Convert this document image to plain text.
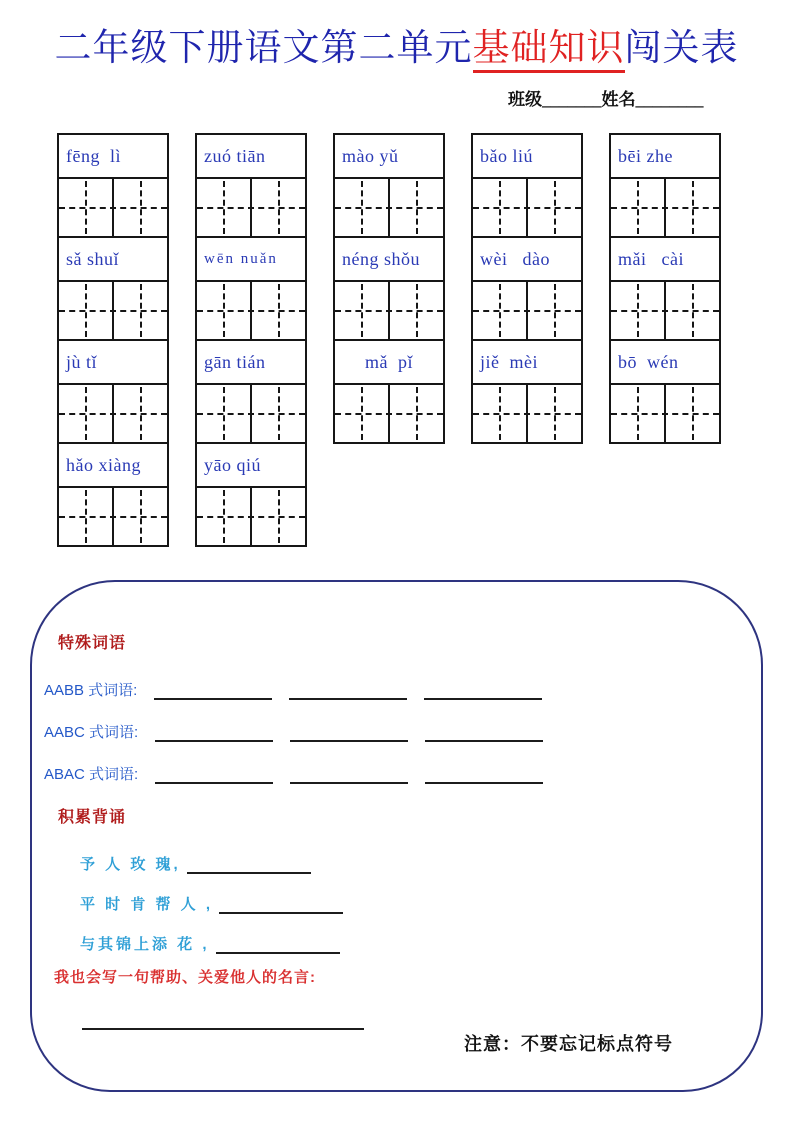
二年级下册语文第二单元基础知识闯关表
班级_______姓名________
fēng  lì
sǎ shuǐ
jù tǐ
hǎo xiàng
zuó tiān
wēn nuǎn
gān tián
yāo qiú
mào yǔ
néng shǒu
mǎ  pǐ
bǎo liú
wèi   dào
jiě  mèi
bēi zhe
mǎi   cài
bō  wén
特殊词语
AABB 式词语:
AABC 式词语:
ABAC 式词语:
积累背诵
予 人 玫 瑰,
平 时 肯 帮 人 ,
与其锦上添 花 ,
我也会写一句帮助、关爱他人的名言:
注意：不要忘记标点符号
